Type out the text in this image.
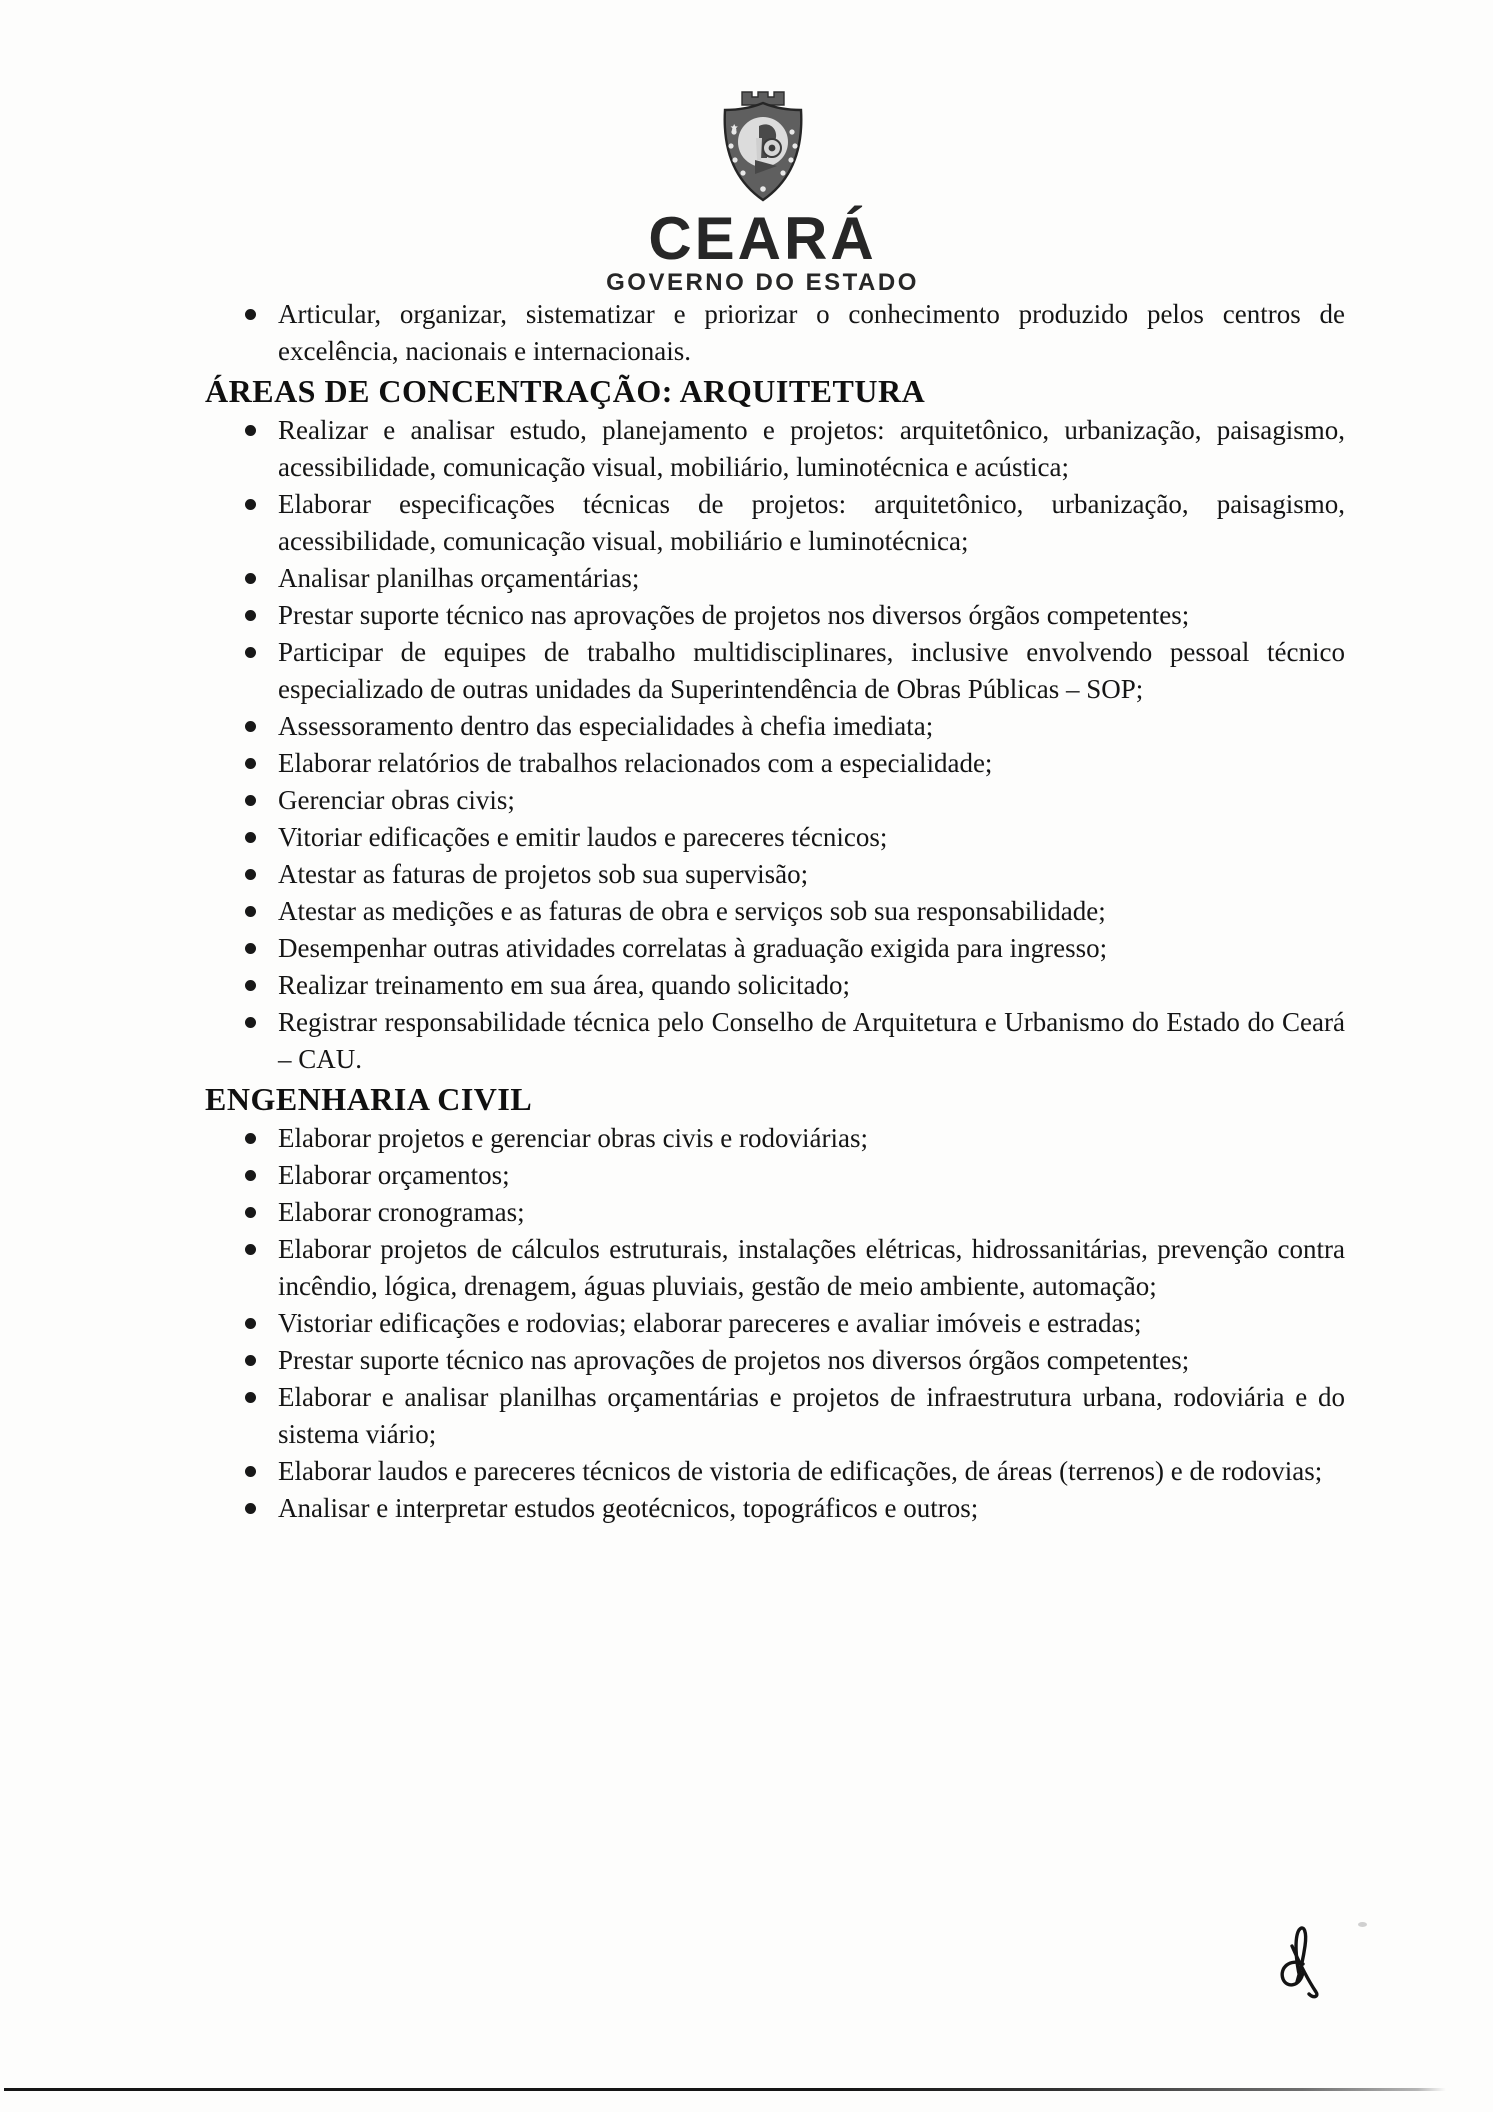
CEARÁ
GOVERNO DO ESTADO
Articular, organizar, sistematizar e priorizar o conhecimento produzido pelos centros de excelência, nacionais e internacionais.
ÁREAS DE CONCENTRAÇÃO: ARQUITETURA
Realizar e analisar estudo, planejamento e projetos: arquitetônico, urbanização, paisagismo, acessibilidade, comunicação visual, mobiliário, luminotécnica e acústica;
Elaborar especificações técnicas de projetos: arquitetônico, urbanização, paisagismo, acessibilidade, comunicação visual, mobiliário e luminotécnica;
Analisar planilhas orçamentárias;
Prestar suporte técnico nas aprovações de projetos nos diversos órgãos competentes;
Participar de equipes de trabalho multidisciplinares, inclusive envolvendo pessoal técnico especializado de outras unidades da Superintendência de Obras Públicas – SOP;
Assessoramento dentro das especialidades à chefia imediata;
Elaborar relatórios de trabalhos relacionados com a especialidade;
Gerenciar obras civis;
Vitoriar edificações e emitir laudos e pareceres técnicos;
Atestar as faturas de projetos sob sua supervisão;
Atestar as medições e as faturas de obra e serviços sob sua responsabilidade;
Desempenhar outras atividades correlatas à graduação exigida para ingresso;
Realizar treinamento em sua área, quando solicitado;
Registrar responsabilidade técnica pelo Conselho de Arquitetura e Urbanismo do Estado do Ceará – CAU.
ENGENHARIA CIVIL
Elaborar projetos e gerenciar obras civis e rodoviárias;
Elaborar orçamentos;
Elaborar cronogramas;
Elaborar projetos de cálculos estruturais, instalações elétricas, hidrossanitárias, prevenção contra incêndio, lógica, drenagem, águas pluviais, gestão de meio ambiente, automação;
Vistoriar edificações e rodovias; elaborar pareceres e avaliar imóveis e estradas;
Prestar suporte técnico nas aprovações de projetos nos diversos órgãos competentes;
Elaborar e analisar planilhas orçamentárias e projetos de infraestrutura urbana, rodoviária e do sistema viário;
Elaborar laudos e pareceres técnicos de vistoria de edificações, de áreas (terrenos) e de rodovias;
Analisar e interpretar estudos geotécnicos, topográficos e outros;
